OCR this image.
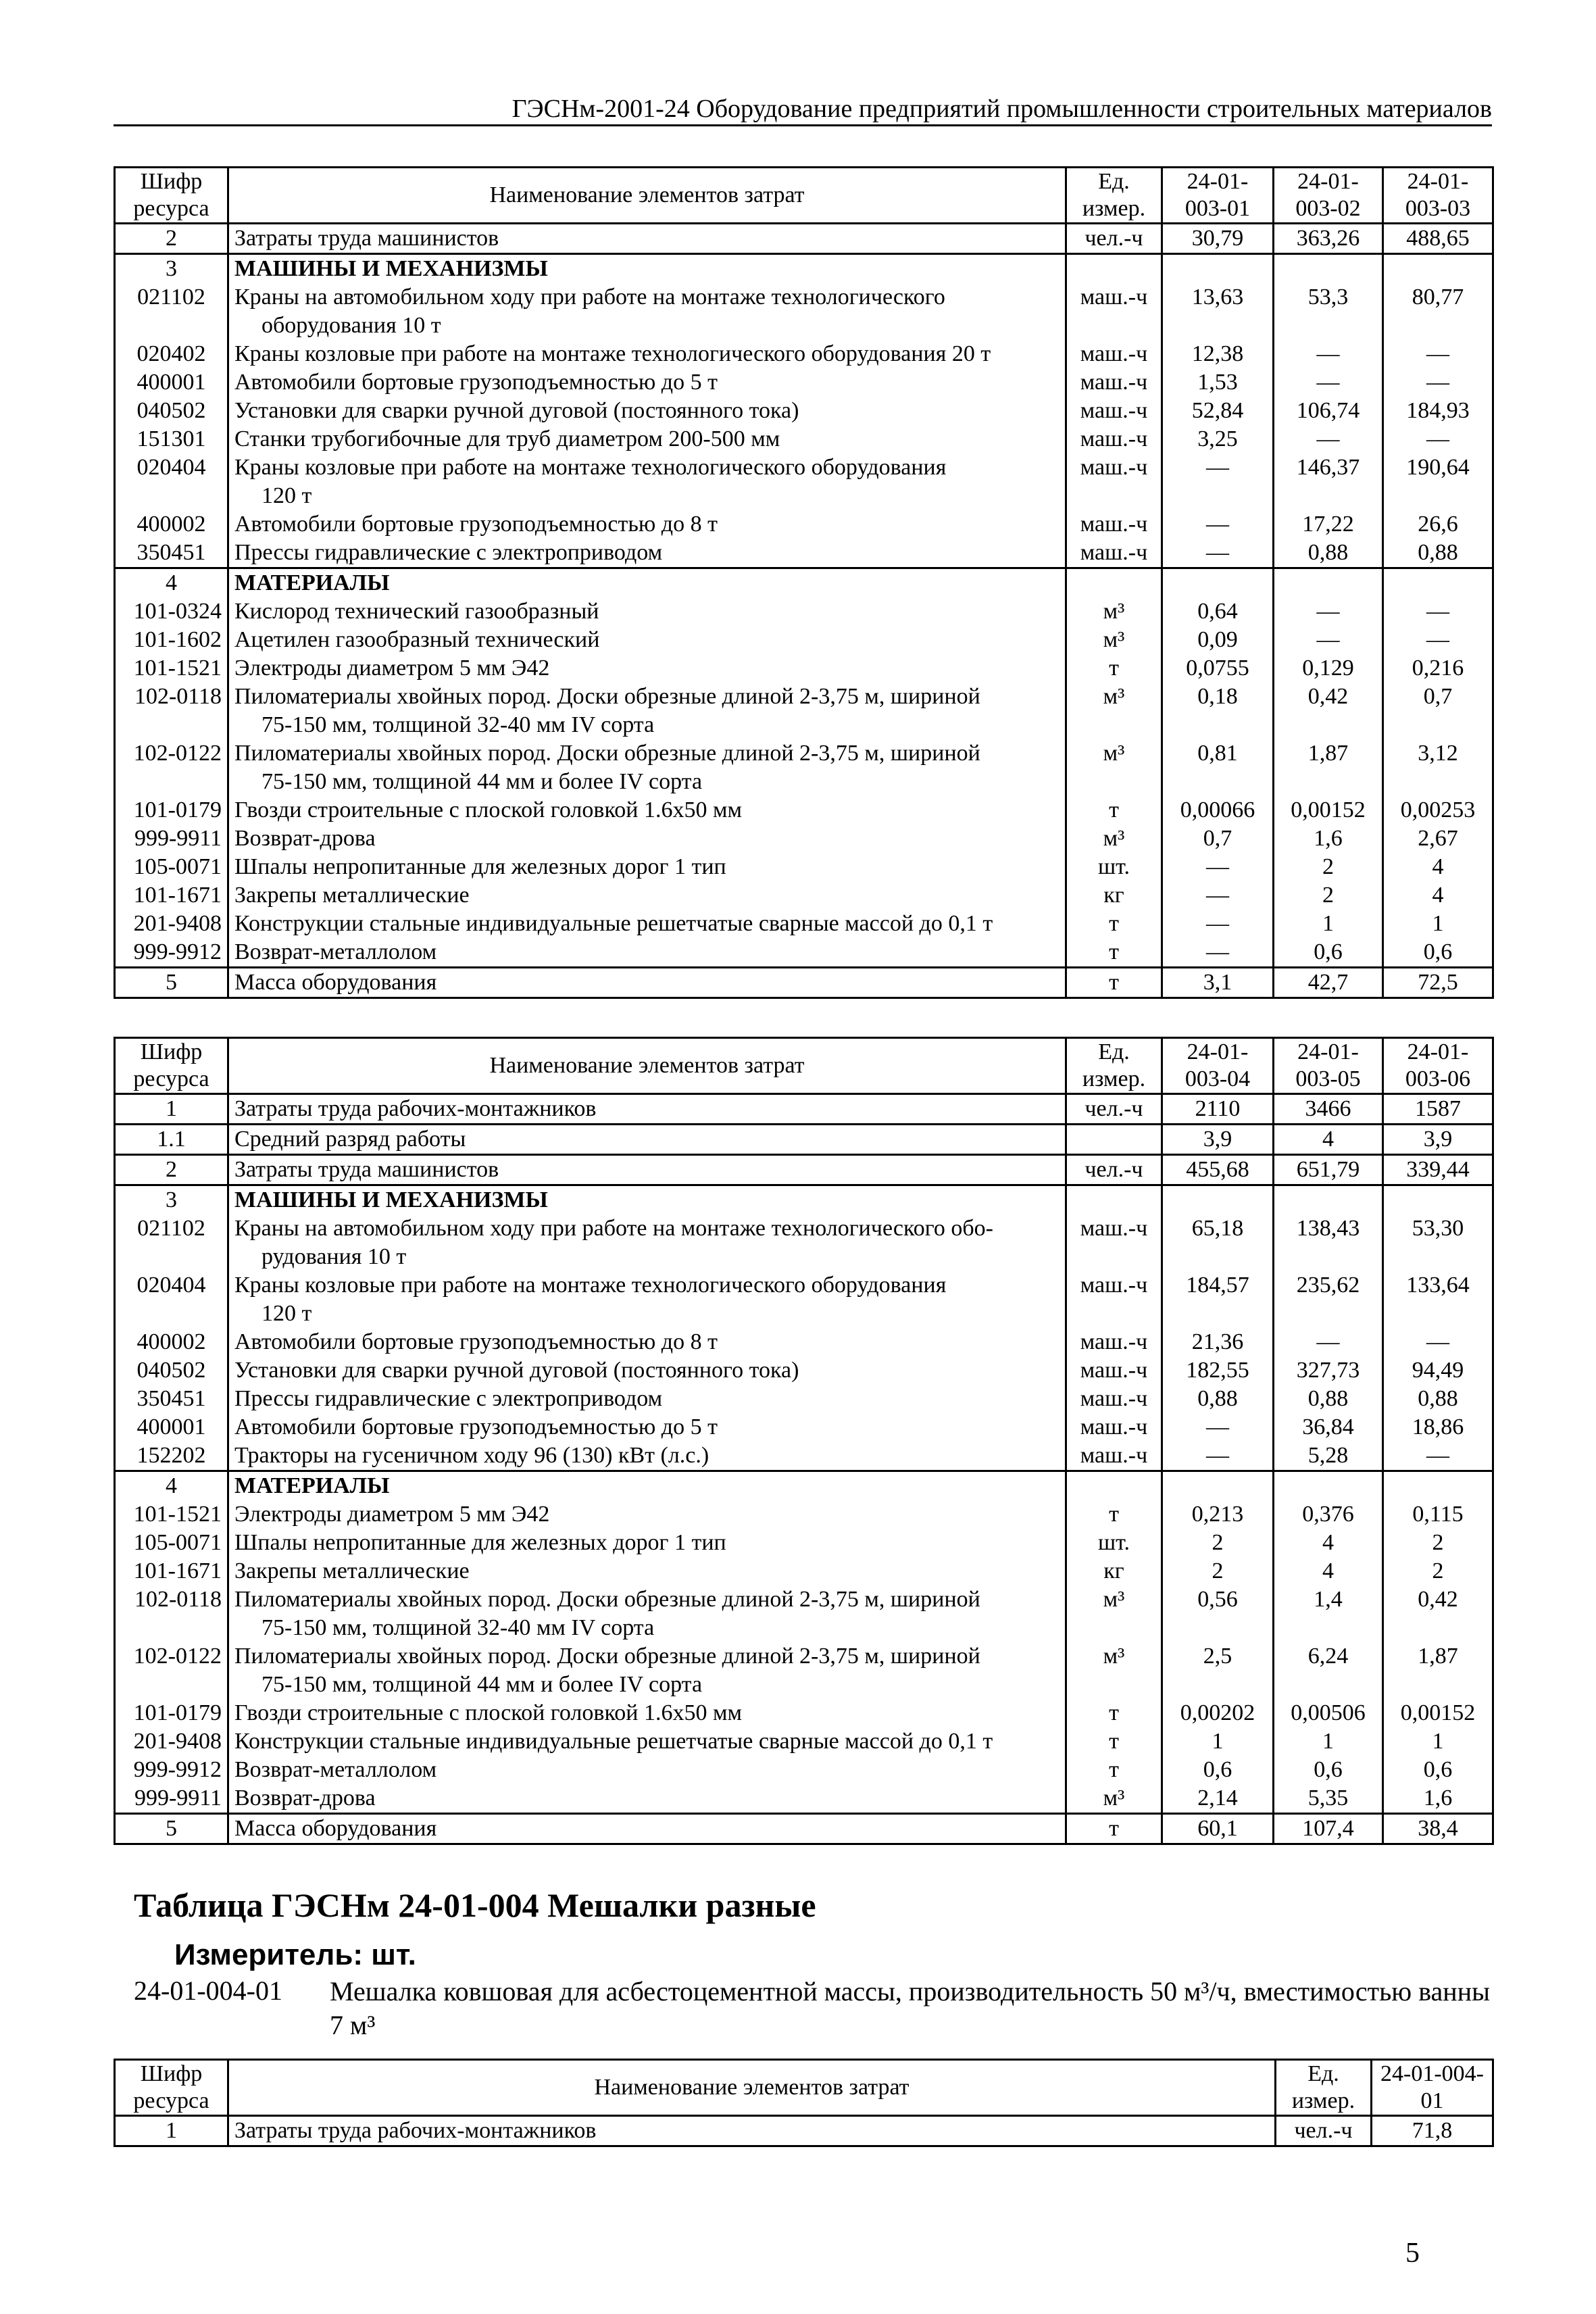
ГЭСНм-2001-24 Оборудование предприятий промышленности строительных материалов
Шифр ресурса	Наименование элементов затрат	Ед. измер.	24-01-003-01	24-01-003-02	24-01-003-03
2	Затраты труда машинистов	чел.-ч	30,79	363,26	488,65
3	МАШИНЫ И МЕХАНИЗМЫ				

021102	Краны на автомобильном ходу при работе на монтаже технологического
оборудования 10 т	маш.-ч	13,63	53,3	80,77
020402	Краны козловые при работе на монтаже технологического оборудования 20 т	маш.-ч	12,38	—	—
400001	Автомобили бортовые грузоподъемностью до 5 т	маш.-ч	1,53	—	—
040502	Установки для сварки ручной дуговой (постоянного тока)	маш.-ч	52,84	106,74	184,93
151301	Станки трубогибочные для труб диаметром 200-500 мм	маш.-ч	3,25	—	—
020404	Краны козловые при работе на монтаже технологического оборудования
120 т	маш.-ч	—	146,37	190,64
400002	Автомобили бортовые грузоподъемностью до 8 т	маш.-ч	—	17,22	26,6
350451	Прессы гидравлические с электроприводом	маш.-ч	—	0,88	0,88
4	МАТЕРИАЛЫ				

101-0324	Кислород технический газообразный	м³	0,64	—	—
101-1602	Ацетилен газообразный технический	м³	0,09	—	—
101-1521	Электроды диаметром 5 мм Э42	т	0,0755	0,129	0,216
102-0118	Пиломатериалы хвойных пород. Доски обрезные длиной 2-3,75 м, шириной
75-150 мм, толщиной 32-40 мм IV сорта	м³	0,18	0,42	0,7
102-0122	Пиломатериалы хвойных пород. Доски обрезные длиной 2-3,75 м, шириной
75-150 мм, толщиной 44 мм и более IV сорта	м³	0,81	1,87	3,12
101-0179	Гвозди строительные с плоской головкой 1.6х50 мм	т	0,00066	0,00152	0,00253
999-9911	Возврат-дрова	м³	0,7	1,6	2,67
105-0071	Шпалы непропитанные для железных дорог 1 тип	шт.	—	2	4
101-1671	Закрепы металлические	кг	—	2	4
201-9408	Конструкции стальные индивидуальные решетчатые сварные массой до 0,1 т	т	—	1	1
999-9912	Возврат-металлолом	т	—	0,6	0,6
5	Масса оборудования	т	3,1	42,7	72,5
Шифр ресурса	Наименование элементов затрат	Ед. измер.	24-01-003-04	24-01-003-05	24-01-003-06
1	Затраты труда рабочих-монтажников	чел.-ч	2110	3466	1587
1.1	Средний разряд работы		3,9	4	3,9
2	Затраты труда машинистов	чел.-ч	455,68	651,79	339,44
3	МАШИНЫ И МЕХАНИЗМЫ				

021102	Краны на автомобильном ходу при работе на монтаже технологического обо-
рудования 10 т	маш.-ч	65,18	138,43	53,30
020404	Краны козловые при работе на монтаже технологического оборудования
120 т	маш.-ч	184,57	235,62	133,64
400002	Автомобили бортовые грузоподъемностью до 8 т	маш.-ч	21,36	—	—
040502	Установки для сварки ручной дуговой (постоянного тока)	маш.-ч	182,55	327,73	94,49
350451	Прессы гидравлические с электроприводом	маш.-ч	0,88	0,88	0,88
400001	Автомобили бортовые грузоподъемностью до 5 т	маш.-ч	—	36,84	18,86
152202	Тракторы на гусеничном ходу 96 (130) кВт (л.с.)	маш.-ч	—	5,28	—
4	МАТЕРИАЛЫ				

101-1521	Электроды диаметром 5 мм Э42	т	0,213	0,376	0,115
105-0071	Шпалы непропитанные для железных дорог 1 тип	шт.	2	4	2
101-1671	Закрепы металлические	кг	2	4	2
102-0118	Пиломатериалы хвойных пород. Доски обрезные длиной 2-3,75 м, шириной
75-150 мм, толщиной 32-40 мм IV сорта	м³	0,56	1,4	0,42
102-0122	Пиломатериалы хвойных пород. Доски обрезные длиной 2-3,75 м, шириной
75-150 мм, толщиной 44 мм и более IV сорта	м³	2,5	6,24	1,87
101-0179	Гвозди строительные с плоской головкой 1.6х50 мм	т	0,00202	0,00506	0,00152
201-9408	Конструкции стальные индивидуальные решетчатые сварные массой до 0,1 т	т	1	1	1
999-9912	Возврат-металлолом	т	0,6	0,6	0,6
999-9911	Возврат-дрова	м³	2,14	5,35	1,6
5	Масса оборудования	т	60,1	107,4	38,4
Таблица ГЭСНм 24-01-004 Мешалки разные
Измеритель: шт.
24-01-004-01 Мешалка ковшовая для асбестоцементной массы, производительность 50 м³/ч, вместимостью ванны 7 м³
Шифр ресурса	Наименование элементов затрат	Ед. измер.	24-01-004-01
1	Затраты труда рабочих-монтажников	чел.-ч	71,8
5
